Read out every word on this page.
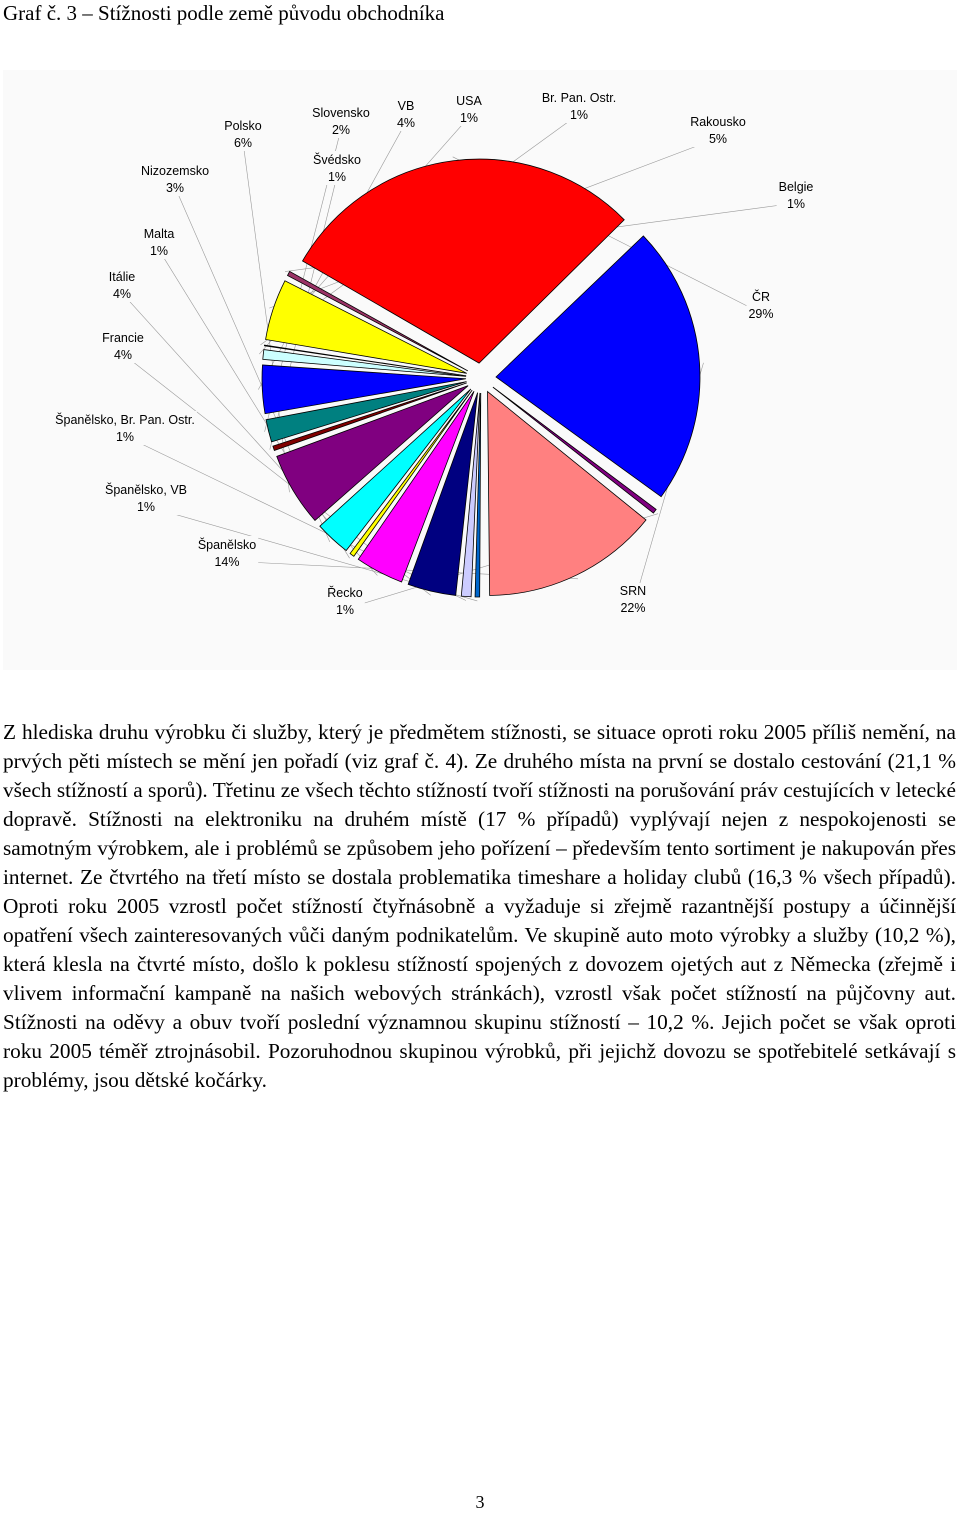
Graf č. 3 – Stížnosti podle země původu obchodníka
Br. Pan. Ostr. 1%	Rakousko 5%
Belgie 1%
ČR 29%
SRN 22%
Řecko 1%
Španělsko 14%
Španělsko, VB 1%
Španělsko, Br. Pan. Ostr. 1%
Francie 4%
Itálie 4%
Malta 1%
Nizozemsko 3%
Polsko 6%
Švédsko 1%
Slovensko 2%
VB 4%
USA 1%
Z hlediska druhu výrobku či služby, který je předmětem stížnosti, se situace oproti roku 2005 příliš nemění, na prvých pěti místech se mění jen pořadí (viz graf č. 4). Ze druhého místa na první se dostalo cestování (21,1 % všech stížností a sporů). Třetinu ze všech těchto stížností tvoří stížnosti na porušování práv cestujících v letecké dopravě. Stížnosti na elektroniku na druhém místě (17 % případů) vyplývají nejen z nespokojenosti se samotným výrobkem, ale i problémů se způsobem jeho pořízení – především tento sortiment je nakupován přes internet. Ze čtvrtého na třetí místo se dostala problematika timeshare a holiday clubů (16,3 % všech případů). Oproti roku 2005 vzrostl počet stížností čtyřnásobně a vyžaduje si zřejmě razantnější postupy a účinnější opatření všech zainteresovaných vůči daným podnikatelům. Ve skupině auto moto výrobky a služby (10,2 %), která klesla na čtvrté místo, došlo k poklesu stížností spojených z dovozem ojetých aut z Německa (zřejmě i vlivem informační kampaně na našich webových stránkách), vzrostl však počet stížností na půjčovny aut. Stížnosti na oděvy a obuv tvoří poslední významnou skupinu stížností – 10,2 %. Jejich počet se však oproti roku 2005 téměř ztrojnásobil. Pozoruhodnou skupinou výrobků, při jejichž dovozu se spotřebitelé setkávají s problémy, jsou dětské kočárky.
3
